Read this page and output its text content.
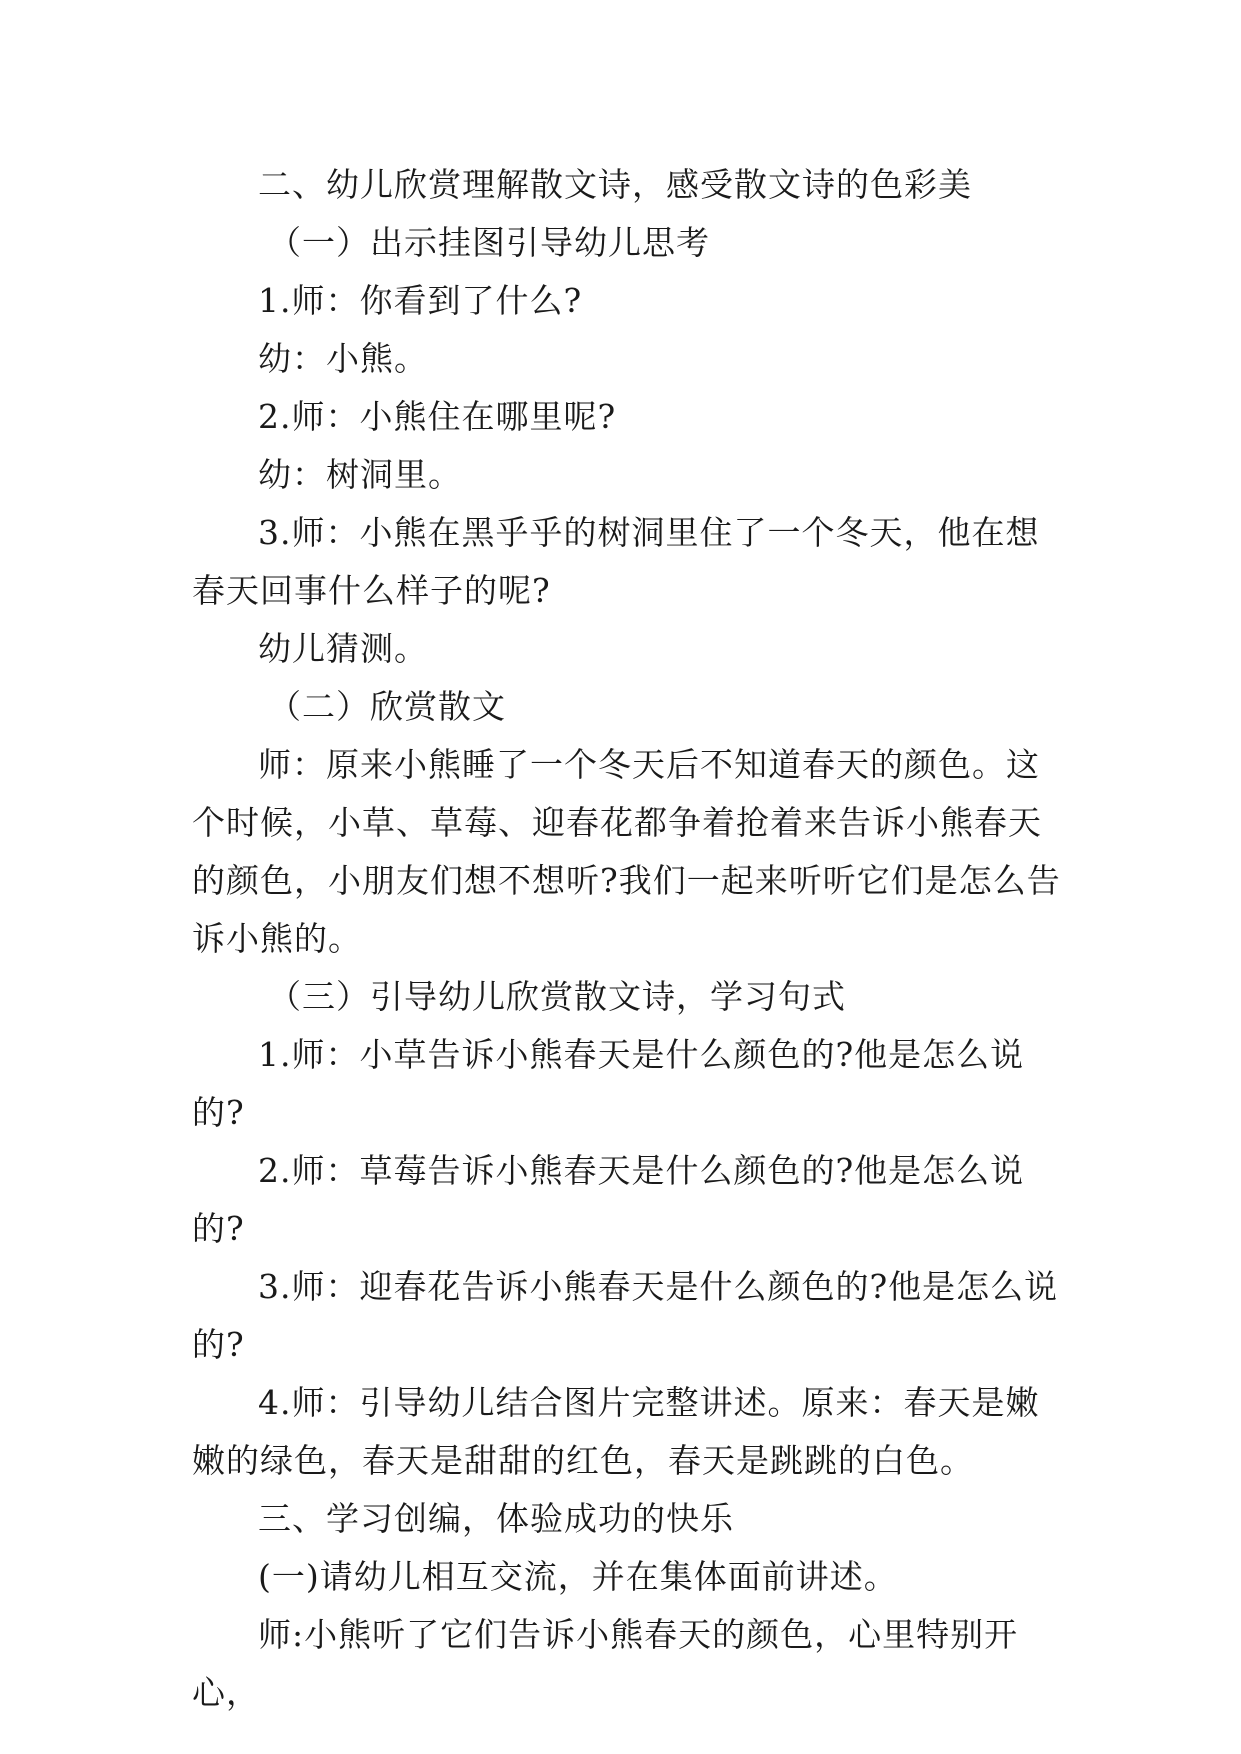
二、幼儿欣赏理解散文诗，感受散文诗的色彩美

（一）出示挂图引导幼儿思考

1.师：你看到了什么?

幼：小熊。

2.师：小熊住在哪里呢?

幼：树洞里。

3.师：小熊在黑乎乎的树洞里住了一个冬天，他在想春天回事什么样子的呢?

幼儿猜测。

（二）欣赏散文

师：原来小熊睡了一个冬天后不知道春天的颜色。这个时候，小草、草莓、迎春花都争着抢着来告诉小熊春天的颜色，小朋友们想不想听?我们一起来听听它们是怎么告诉小熊的。

（三）引导幼儿欣赏散文诗，学习句式

1.师：小草告诉小熊春天是什么颜色的?他是怎么说的?

2.师：草莓告诉小熊春天是什么颜色的?他是怎么说的?

3.师：迎春花告诉小熊春天是什么颜色的?他是怎么说的?

4.师：引导幼儿结合图片完整讲述。原来：春天是嫩嫩的绿色，春天是甜甜的红色，春天是跳跳的白色。

三、学习创编，体验成功的快乐

(一)请幼儿相互交流，并在集体面前讲述。

师:小熊听了它们告诉小熊春天的颜色，心里特别开心，
